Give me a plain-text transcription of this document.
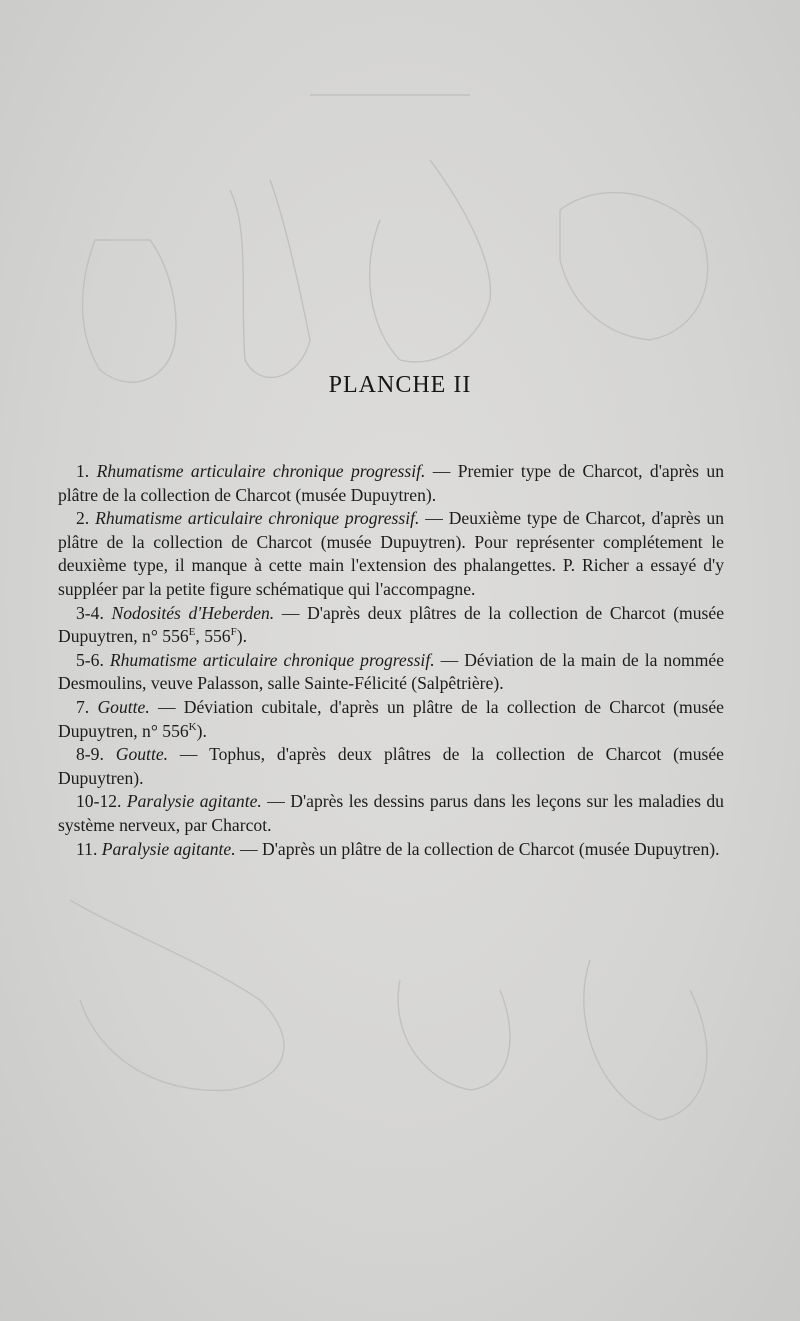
PLANCHE II

1. Rhumatisme articulaire chronique progressif. — Premier type de Charcot, d'après un plâtre de la collection de Charcot (musée Dupuytren).

2. Rhumatisme articulaire chronique progressif. — Deuxième type de Charcot, d'après un plâtre de la collection de Charcot (musée Dupuytren). Pour représenter complétement le deuxième type, il manque à cette main l'extension des phalangettes. P. Richer a essayé d'y suppléer par la petite figure schématique qui l'accompagne.

3-4. Nodosités d'Heberden. — D'après deux plâtres de la collection de Charcot (musée Dupuytren, n° $556^E$, $556^F$).

5-6. Rhumatisme articulaire chronique progressif. — Déviation de la main de la nommée Desmoulins, veuve Palasson, salle Sainte-Félicité (Salpêtrière).

7. Goutte. — Déviation cubitale, d'après un plâtre de la collection de Charcot (musée Dupuytren, n° $556^K$).

8-9. Goutte. — Tophus, d'après deux plâtres de la collection de Charcot (musée Dupuytren).

10-12. Paralysie agitante. — D'après les dessins parus dans les leçons sur les maladies du système nerveux, par Charcot.

11. Paralysie agitante. — D'après un plâtre de la collection de Charcot (musée Dupuytren).
